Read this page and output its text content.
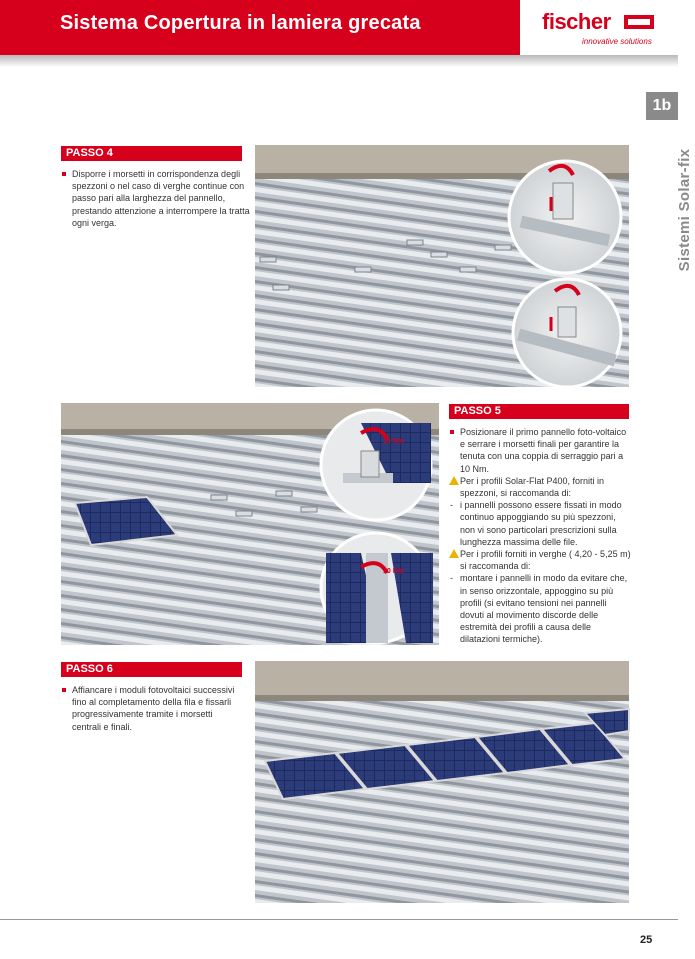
Sistema Copertura in lamiera grecata	fischer
innovative solutions
1b
Sistemi Solar-fix
PASSO 4

Disporre i morsetti in corrispondenza degli spezzoni o nel caso di verghe continue con passo pari alla larghezza del pannello, prestando attenzione a interrompere la tratta ogni verga.

10 Nm
10 Nm
PASSO 5

Posizionare il primo pannello foto-voltaico e serrare i morsetti finali per garantire la tenuta con una coppia di serraggio pari a 10 Nm.

Per i profili Solar-Flat P400, forniti in spezzoni, si raccomanda di:

- i pannelli possono essere fissati in modo continuo appoggiando su più spezzoni, non vi sono particolari prescrizioni sulla lunghezza massima delle file.

Per i profili forniti in verghe ( 4,20 - 5,25 m) si raccomanda di:

- montare i pannelli in modo da evitare che, in senso orizzontale, appoggino su più profili (si evitano tensioni nei pannelli dovuti al movimento discorde delle estremità dei profili a causa delle dilatazioni termiche).

PASSO 6

Affiancare i moduli fotovoltaici successivi fino al completamento della fila e fissarli progressivamente tramite i morsetti centrali e finali.

25
